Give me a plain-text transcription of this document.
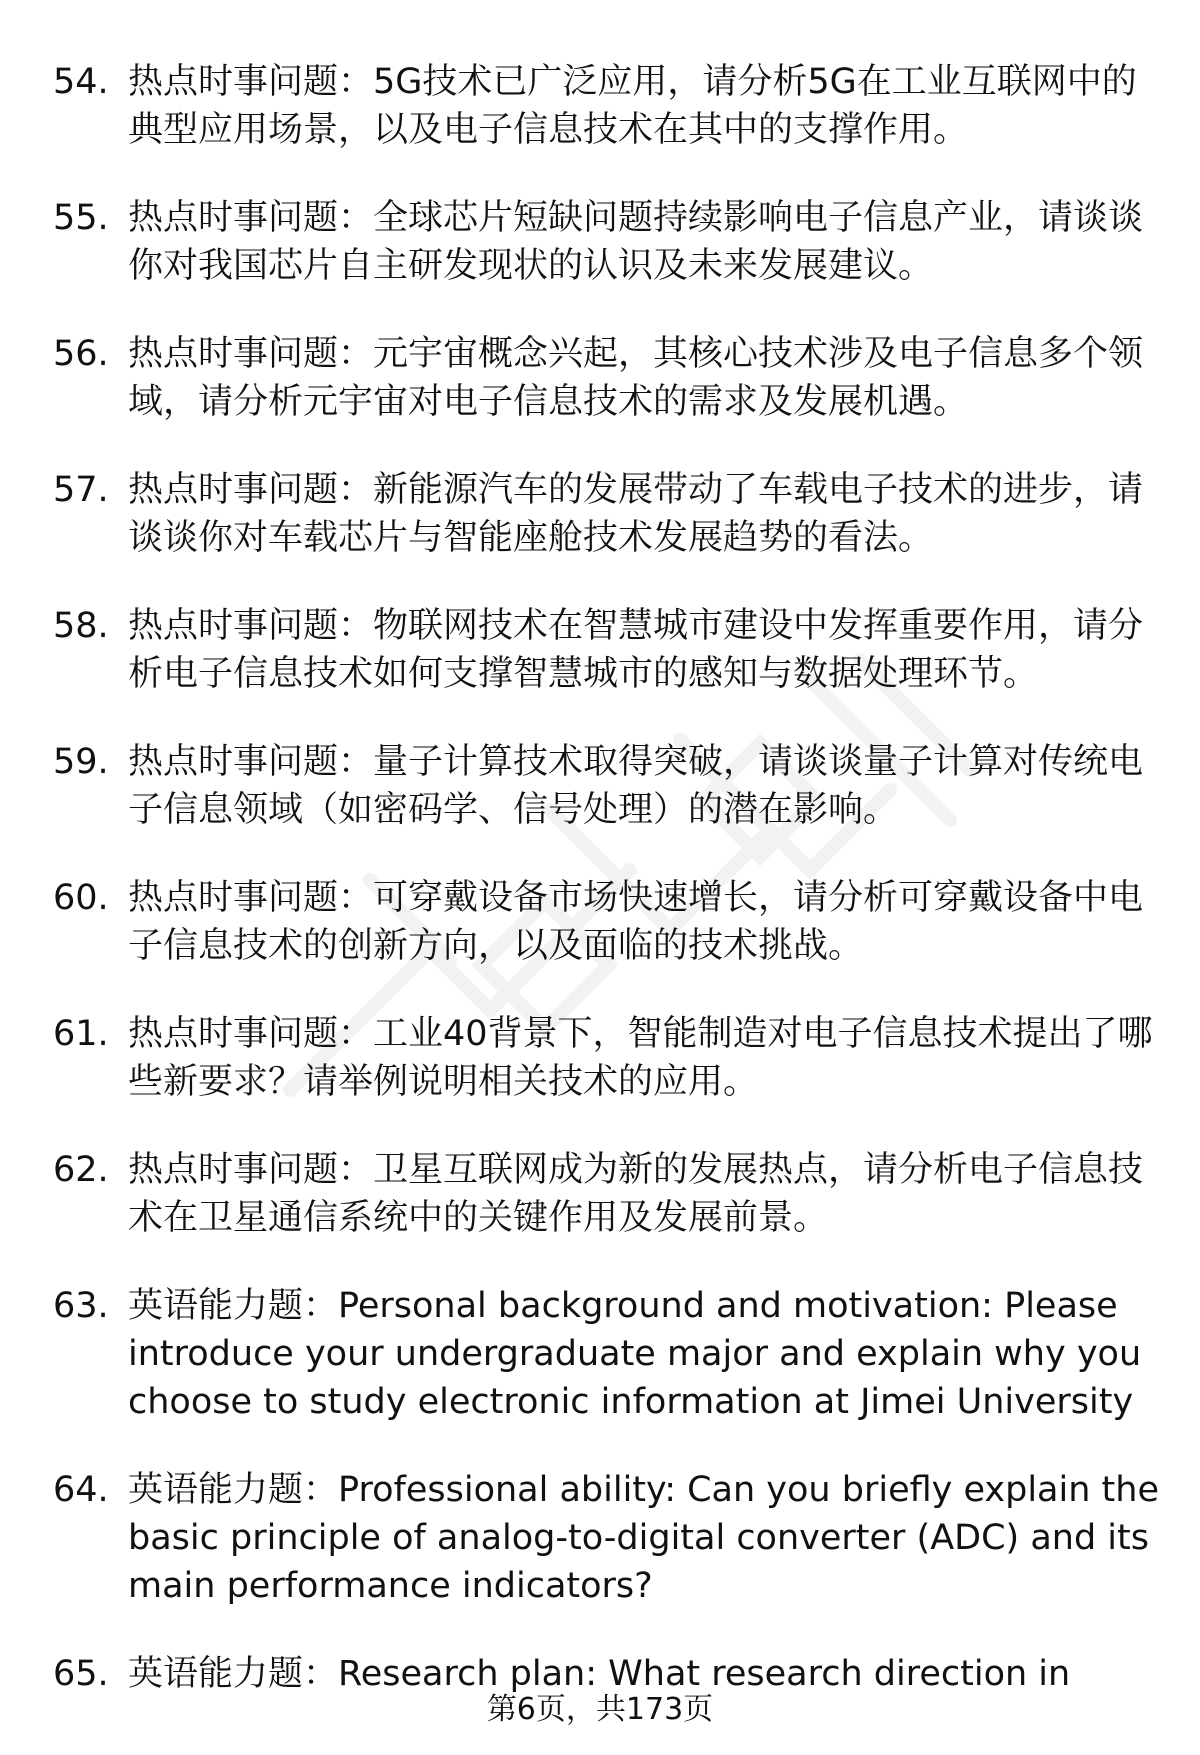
54. 热点时事问题：5G技术已广泛应用，请分析5G在工业互联网中的典型应用场景，以及电子信息技术在其中的支撑作用。
55. 热点时事问题：全球芯片短缺问题持续影响电子信息产业，请谈谈你对我国芯片自主研发现状的认识及未来发展建议。
56. 热点时事问题：元宇宙概念兴起，其核心技术涉及电子信息多个领域，请分析元宇宙对电子信息技术的需求及发展机遇。
57. 热点时事问题：新能源汽车的发展带动了车载电子技术的进步，请谈谈你对车载芯片与智能座舱技术发展趋势的看法。
58. 热点时事问题：物联网技术在智慧城市建设中发挥重要作用，请分析电子信息技术如何支撑智慧城市的感知与数据处理环节。
59. 热点时事问题：量子计算技术取得突破，请谈谈量子计算对传统电子信息领域（如密码学、信号处理）的潜在影响。
60. 热点时事问题：可穿戴设备市场快速增长，请分析可穿戴设备中电子信息技术的创新方向，以及面临的技术挑战。
61. 热点时事问题：工业40背景下，智能制造对电子信息技术提出了哪些新要求？请举例说明相关技术的应用。
62. 热点时事问题：卫星互联网成为新的发展热点，请分析电子信息技术在卫星通信系统中的关键作用及发展前景。
63. 英语能力题：Personal background and motivation: Please introduce your undergraduate major and explain why you choose to study electronic information at Jimei University
64. 英语能力题：Professional ability: Can you briefly explain the basic principle of analog-to-digital converter (ADC) and its main performance indicators?
65. 英语能力题：Research plan: What research direction in
第6页，共173页
